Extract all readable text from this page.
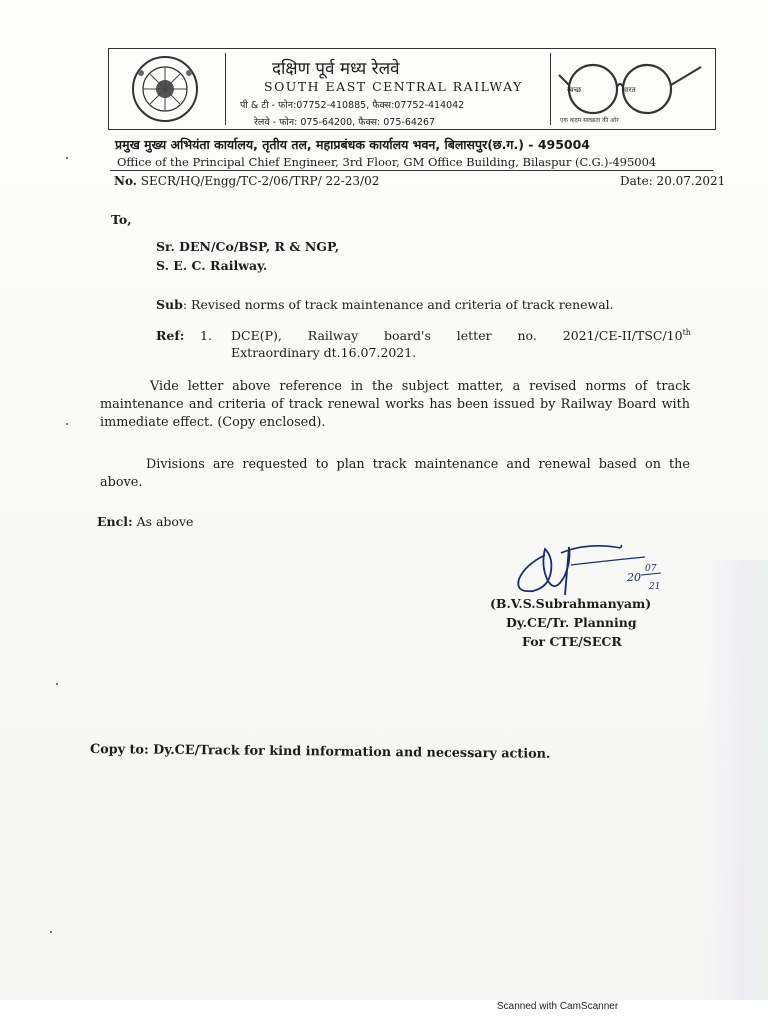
दक्षिण पूर्व मध्य रेलवे
SOUTH EAST CENTRAL RAILWAY
पी & टी - फोन:07752-410885, फैक्स:07752-414042
रेलवे - फोन: 075-64200, फैक्स: 075-64267
स्वच्छ	भारत
एक कदम स्वच्छता की ओर
प्रमुख मुख्य अभियंता कार्यालय, तृतीय तल, महाप्रबंधक कार्यालय भवन, बिलासपुर(छ.ग.) - 495004
Office of the Principal Chief Engineer, 3rd Floor, GM Office Building, Bilaspur (C.G.)-495004
No. SECR/HQ/Engg/TC-2/06/TRP/ 22-23/02	Date: 20.07.2021
To,
Sr. DEN/Co/BSP, R & NGP,
S. E. C. Railway.
Sub: Revised norms of track maintenance and criteria of track renewal.
Ref: 1. DCE(P), Railway board's letter no. 2021/CE-II/TSC/10th
Extraordinary dt.16.07.2021.
Vide letter above reference in the subject matter, a revised norms of track maintenance and criteria of track renewal works has been issued by Railway Board with immediate effect. (Copy enclosed).
Divisions are requested to plan track maintenance and renewal based on the above.
Encl: As above
20
07
21
(B.V.S.Subrahmanyam)
Dy.CE/Tr. Planning
For CTE/SECR
Copy to: Dy.CE/Track for kind information and necessary action.
Scanned with CamScanner
